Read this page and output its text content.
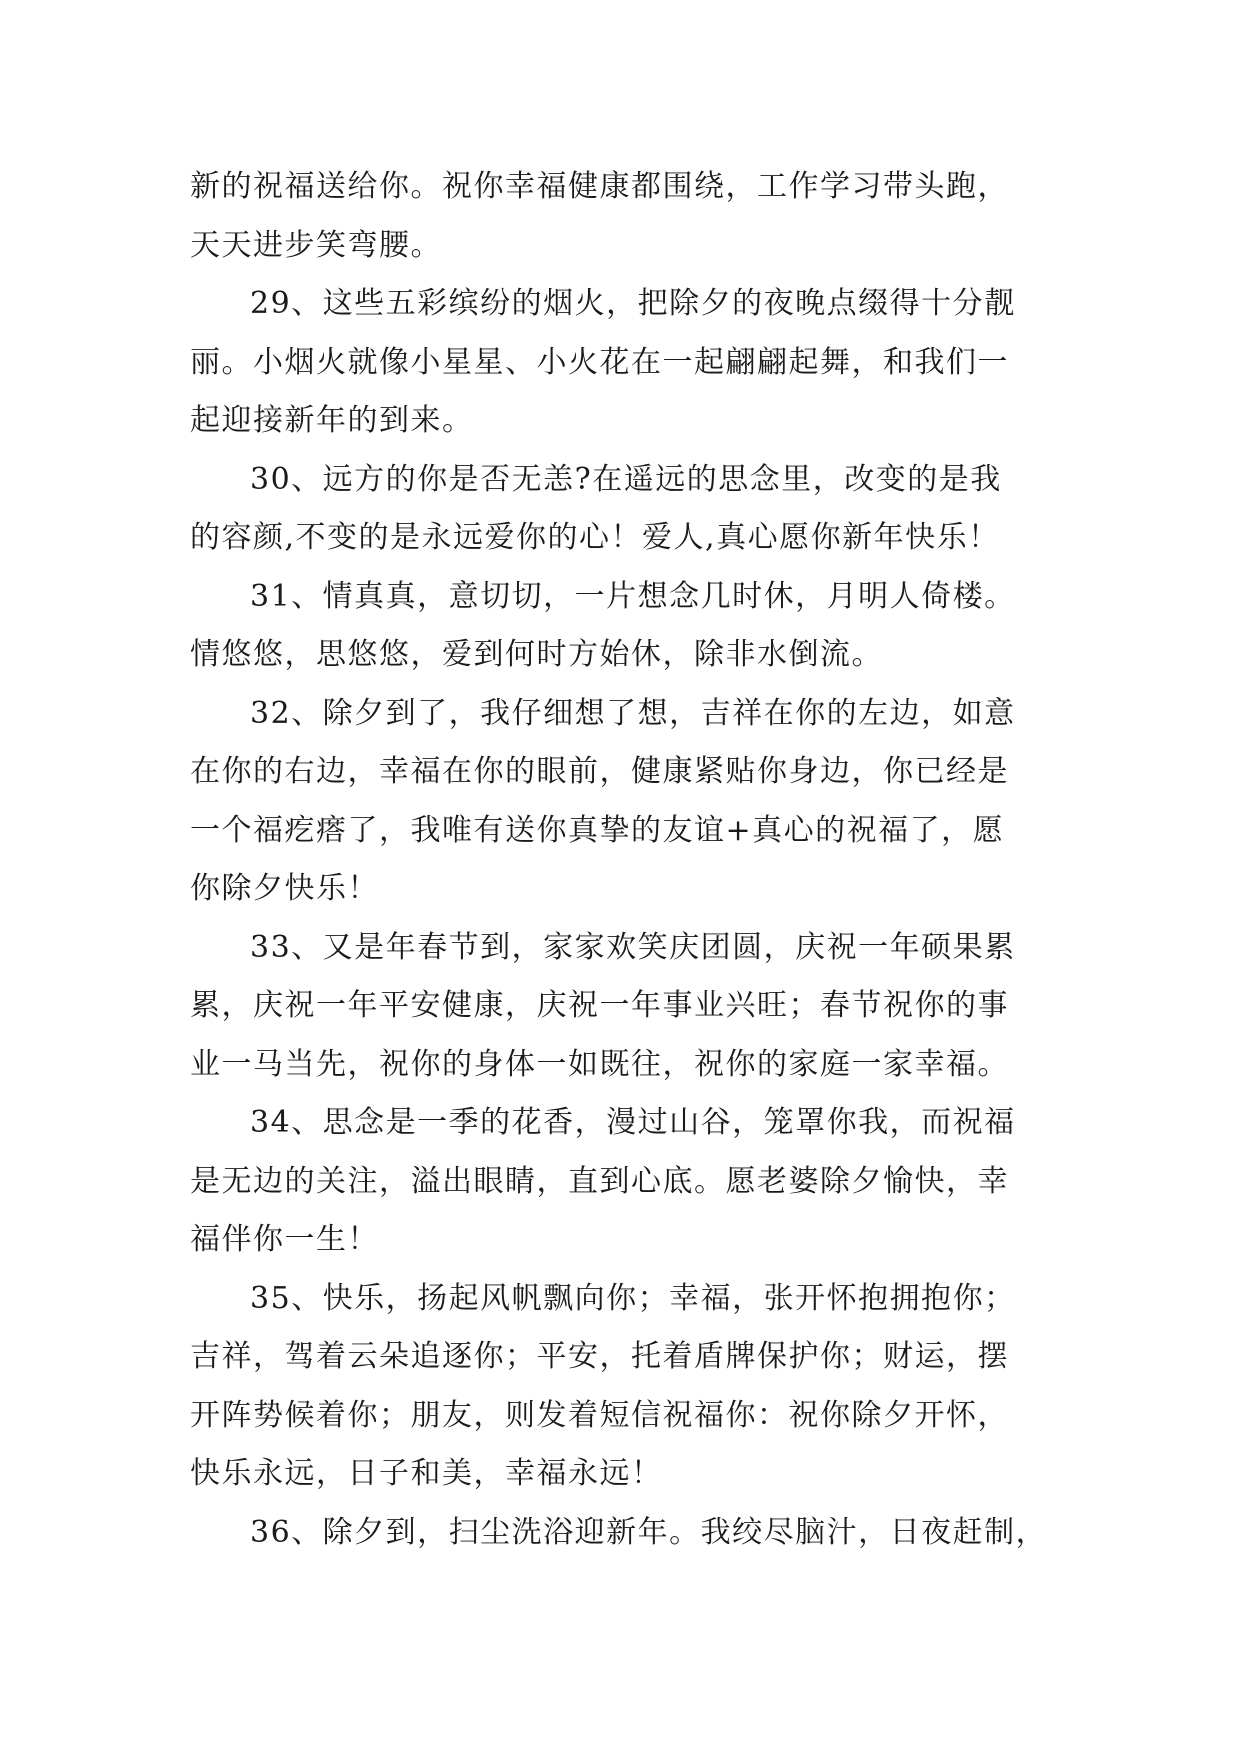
新的祝福送给你。祝你幸福健康都围绕，工作学习带头跑，
天天进步笑弯腰。
29、这些五彩缤纷的烟火，把除夕的夜晚点缀得十分靓
丽。小烟火就像小星星、小火花在一起翩翩起舞，和我们一
起迎接新年的到来。
30、远方的你是否无恙?在遥远的思念里，改变的是我
的容颜,不变的是永远爱你的心！爱人,真心愿你新年快乐！
31、情真真，意切切，一片想念几时休，月明人倚楼。
情悠悠，思悠悠，爱到何时方始休，除非水倒流。
32、除夕到了，我仔细想了想，吉祥在你的左边，如意
在你的右边，幸福在你的眼前，健康紧贴你身边，你已经是
一个福疙瘩了，我唯有送你真挚的友谊+真心的祝福了，愿
你除夕快乐！
33、又是年春节到，家家欢笑庆团圆，庆祝一年硕果累
累，庆祝一年平安健康，庆祝一年事业兴旺；春节祝你的事
业一马当先，祝你的身体一如既往，祝你的家庭一家幸福。
34、思念是一季的花香，漫过山谷，笼罩你我，而祝福
是无边的关注，溢出眼睛，直到心底。愿老婆除夕愉快，幸
福伴你一生！
35、快乐，扬起风帆飘向你；幸福，张开怀抱拥抱你；
吉祥，驾着云朵追逐你；平安，托着盾牌保护你；财运，摆
开阵势候着你；朋友，则发着短信祝福你：祝你除夕开怀，
快乐永远，日子和美，幸福永远！
36、除夕到，扫尘洗浴迎新年。我绞尽脑汁，日夜赶制，
